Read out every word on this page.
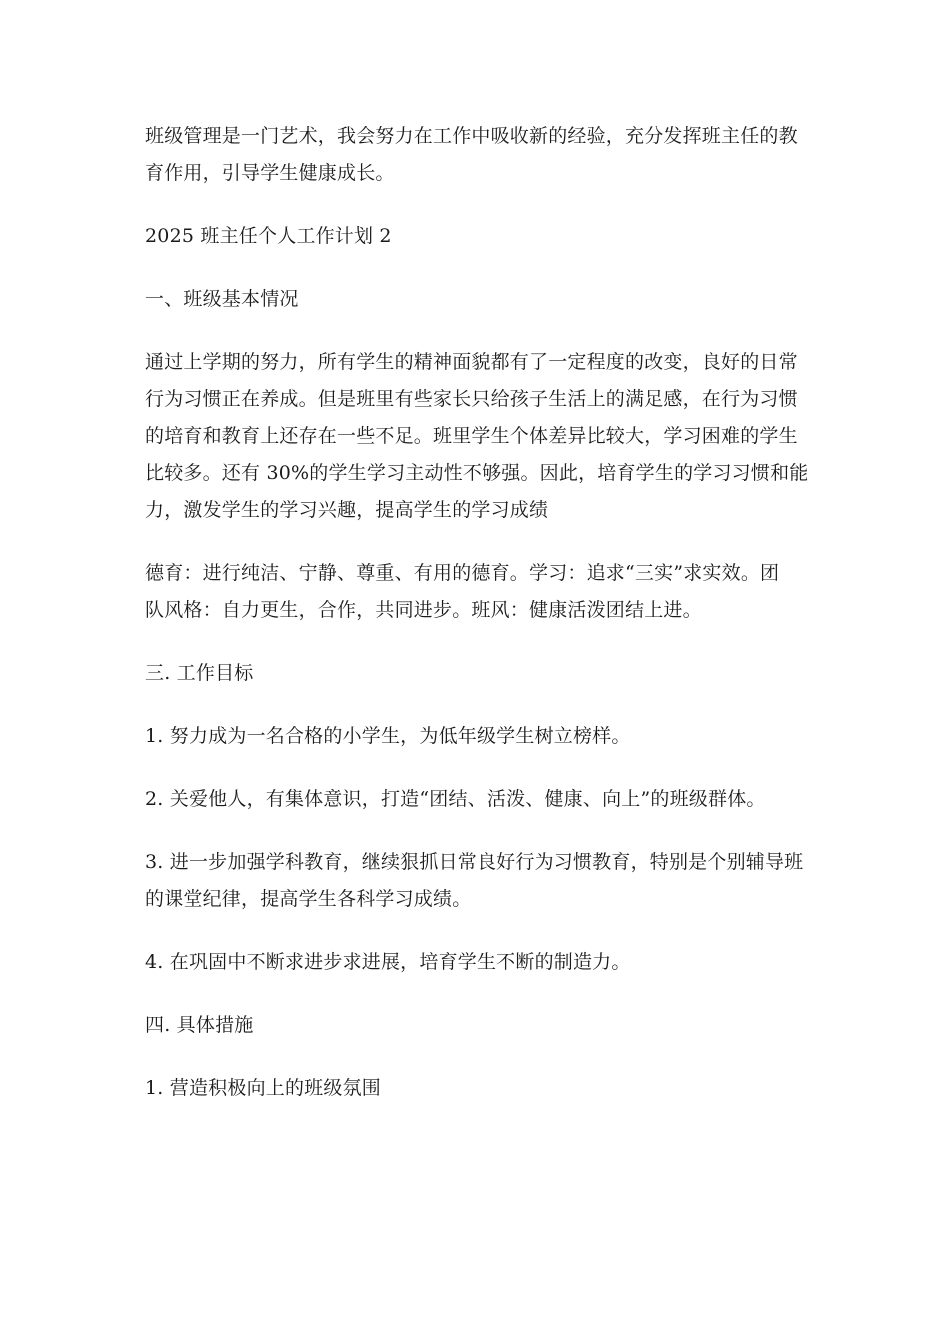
班级管理是一门艺术，我会努力在工作中吸收新的经验，充分发挥班主任的教
育作用，引导学生健康成长。

2025 班主任个人工作计划 2

一、班级基本情况

通过上学期的努力，所有学生的精神面貌都有了一定程度的改变，良好的日常
行为习惯正在养成。但是班里有些家长只给孩子生活上的满足感，在行为习惯
的培育和教育上还存在一些不足。班里学生个体差异比较大，学习困难的学生
比较多。还有 30%的学生学习主动性不够强。因此，培育学生的学习习惯和能
力，激发学生的学习兴趣，提高学生的学习成绩

德育：进行纯洁、宁静、尊重、有用的德育。学习：追求“三实”求实效。团
队风格：自力更生，合作，共同进步。班风：健康活泼团结上进。

三. 工作目标

1. 努力成为一名合格的小学生，为低年级学生树立榜样。

2. 关爱他人，有集体意识，打造“团结、活泼、健康、向上”的班级群体。

3. 进一步加强学科教育，继续狠抓日常良好行为习惯教育，特别是个别辅导班
的课堂纪律，提高学生各科学习成绩。

4. 在巩固中不断求进步求进展，培育学生不断的制造力。

四. 具体措施

1. 营造积极向上的班级氛围
